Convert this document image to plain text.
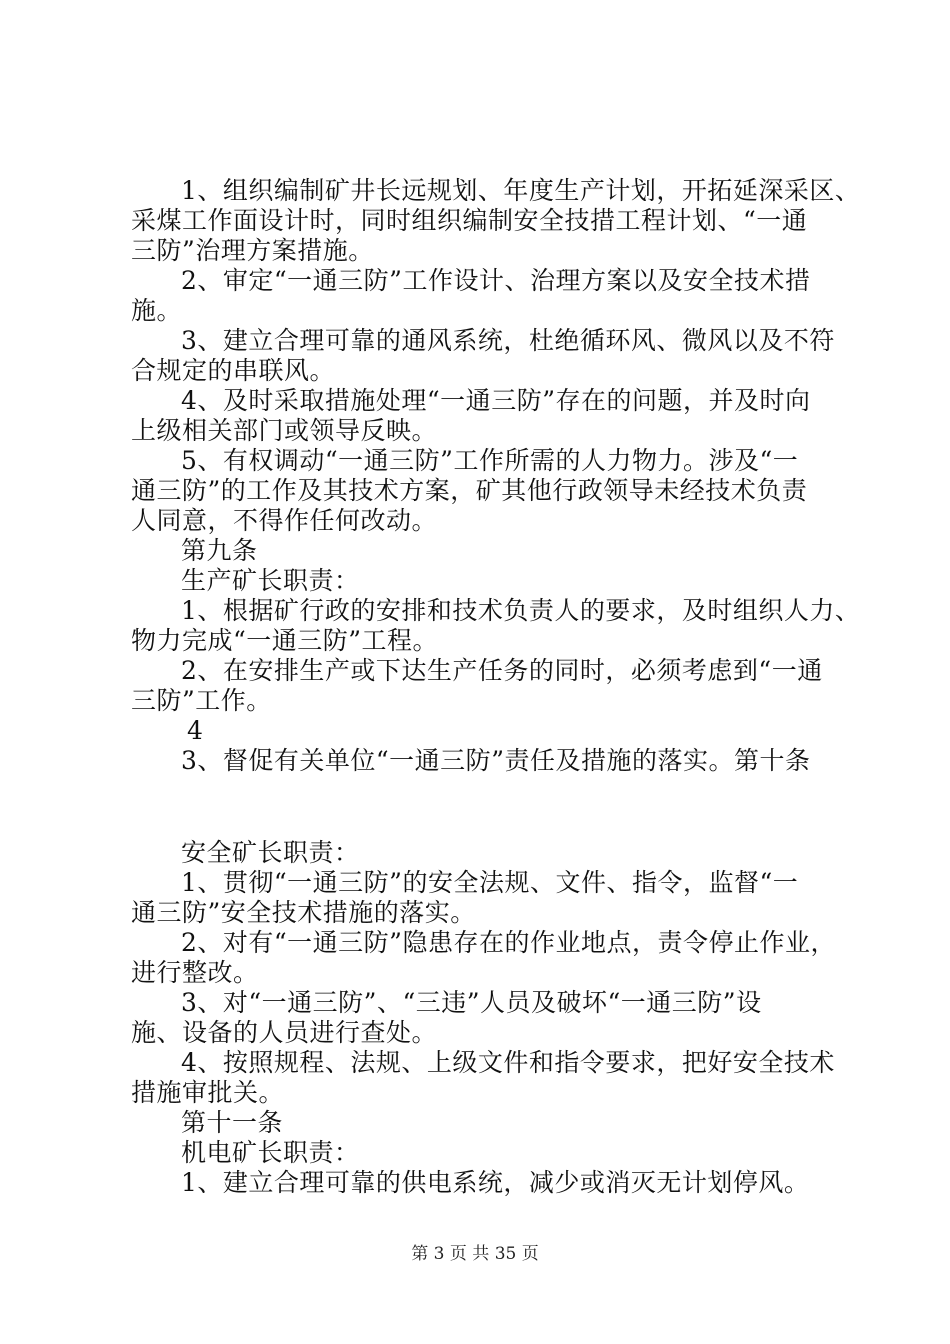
1、组织编制矿井长远规划、年度生产计划，开拓延深采区、

采煤工作面设计时，同时组织编制安全技措工程计划、“一通

三防”治理方案措施。

2、审定“一通三防”工作设计、治理方案以及安全技术措

施。

3、建立合理可靠的通风系统，杜绝循环风、微风以及不符

合规定的串联风。

4、及时采取措施处理“一通三防”存在的问题，并及时向

上级相关部门或领导反映。

5、有权调动“一通三防”工作所需的人力物力。涉及“一

通三防”的工作及其技术方案，矿其他行政领导未经技术负责

人同意，不得作任何改动。

第九条

生产矿长职责：

1、根据矿行政的安排和技术负责人的要求，及时组织人力、

物力完成“一通三防”工程。

2、在安排生产或下达生产任务的同时，必须考虑到“一通

三防”工作。

4

3、督促有关单位“一通三防”责任及措施的落实。第十条

安全矿长职责：

1、贯彻“一通三防”的安全法规、文件、指令，监督“一

通三防”安全技术措施的落实。

2、对有“一通三防”隐患存在的作业地点，责令停止作业，

进行整改。

3、对“一通三防”、“三违”人员及破坏“一通三防”设

施、设备的人员进行查处。

4、按照规程、法规、上级文件和指令要求，把好安全技术

措施审批关。

第十一条

机电矿长职责：

1、建立合理可靠的供电系统，减少或消灭无计划停风。

第 3 页 共 35 页
